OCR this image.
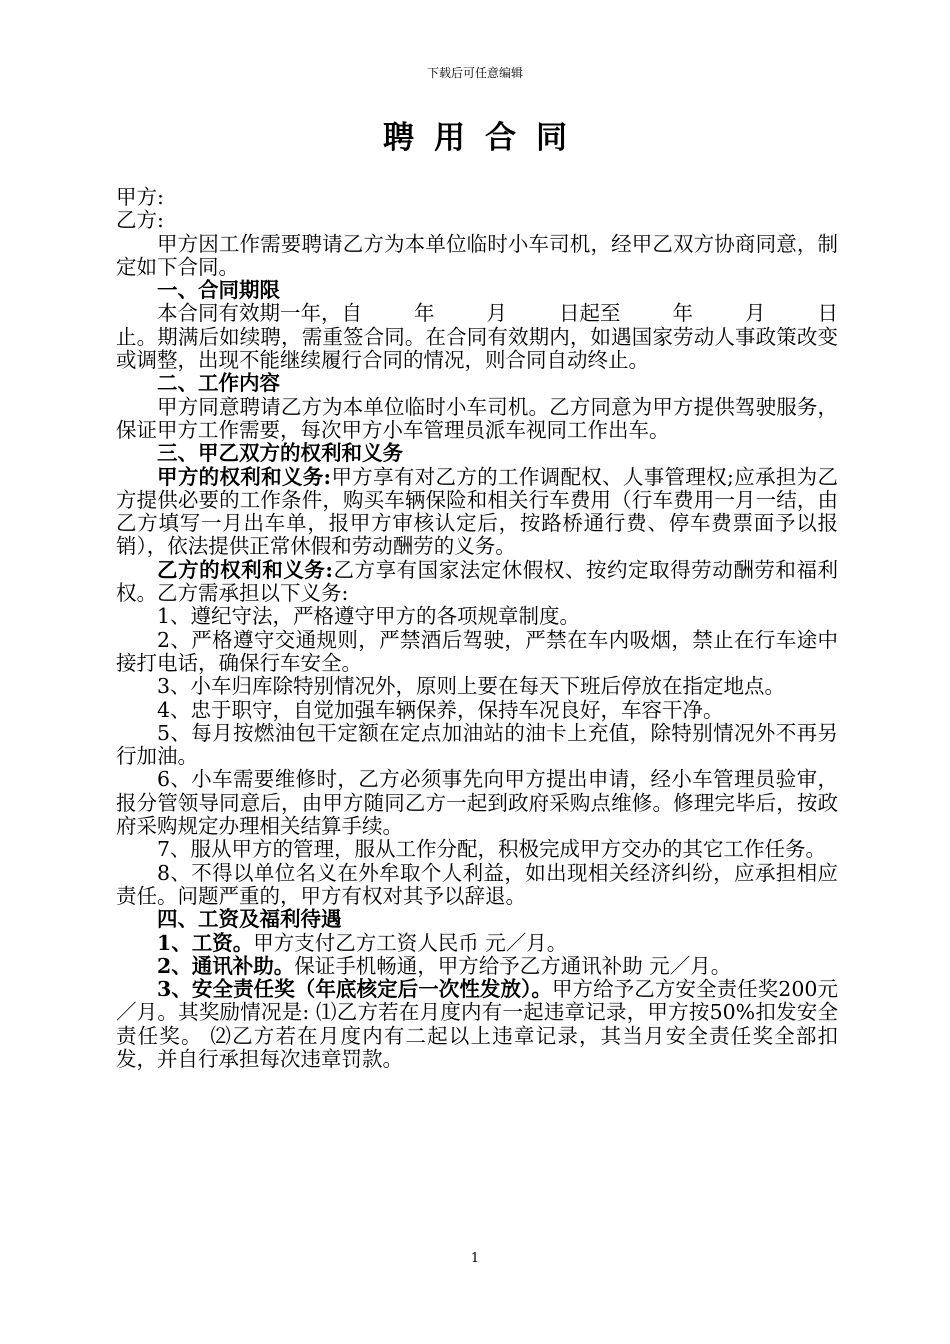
下载后可任意编辑
聘用合同

甲方:

乙方:

甲方因工作需要聘请乙方为本单位临时小车司机，经甲乙双方协商同意，制定如下合同。

一、合同期限

本合同有效期一年，自	年	月	日起至	年	月	日

止。期满后如续聘，需重签合同。在合同有效期内，如遇国家劳动人事政策改变或调整，出现不能继续履行合同的情况，则合同自动终止。

二、工作内容

甲方同意聘请乙方为本单位临时小车司机。乙方同意为甲方提供驾驶服务，保证甲方工作需要，每次甲方小车管理员派车视同工作出车。

三、甲乙双方的权利和义务

甲方的权利和义务:甲方享有对乙方的工作调配权、人事管理权;应承担为乙方提供必要的工作条件，购买车辆保险和相关行车费用（行车费用一月一结，由乙方填写一月出车单，报甲方审核认定后，按路桥通行费、停车费票面予以报销），依法提供正常休假和劳动酬劳的义务。

乙方的权利和义务:乙方享有国家法定休假权、按约定取得劳动酬劳和福利权。乙方需承担以下义务:

1、遵纪守法，严格遵守甲方的各项规章制度。

2、严格遵守交通规则，严禁酒后驾驶，严禁在车内吸烟，禁止在行车途中接打电话，确保行车安全。

3、小车归库除特别情况外，原则上要在每天下班后停放在指定地点。

4、忠于职守，自觉加强车辆保养，保持车况良好，车容干净。

5、每月按燃油包干定额在定点加油站的油卡上充值，除特别情况外不再另行加油。

6、小车需要维修时，乙方必须事先向甲方提出申请，经小车管理员验审，报分管领导同意后，由甲方随同乙方一起到政府采购点维修。修理完毕后，按政府采购规定办理相关结算手续。

7、服从甲方的管理，服从工作分配，积极完成甲方交办的其它工作任务。

8、不得以单位名义在外牟取个人利益，如出现相关经济纠纷，应承担相应责任。问题严重的，甲方有权对其予以辞退。

四、工资及福利待遇

1、工资。甲方支付乙方工资人民币 元／月。

2、通讯补助。保证手机畅通，甲方给予乙方通讯补助 元／月。

3、安全责任奖（年底核定后一次性发放）。甲方给予乙方安全责任奖200元／月。其奖励情况是: ⑴乙方若在月度内有一起违章记录，甲方按50%扣发安全责任奖。 ⑵乙方若在月度内有二起以上违章记录，其当月安全责任奖全部扣发，并自行承担每次违章罚款。

1
